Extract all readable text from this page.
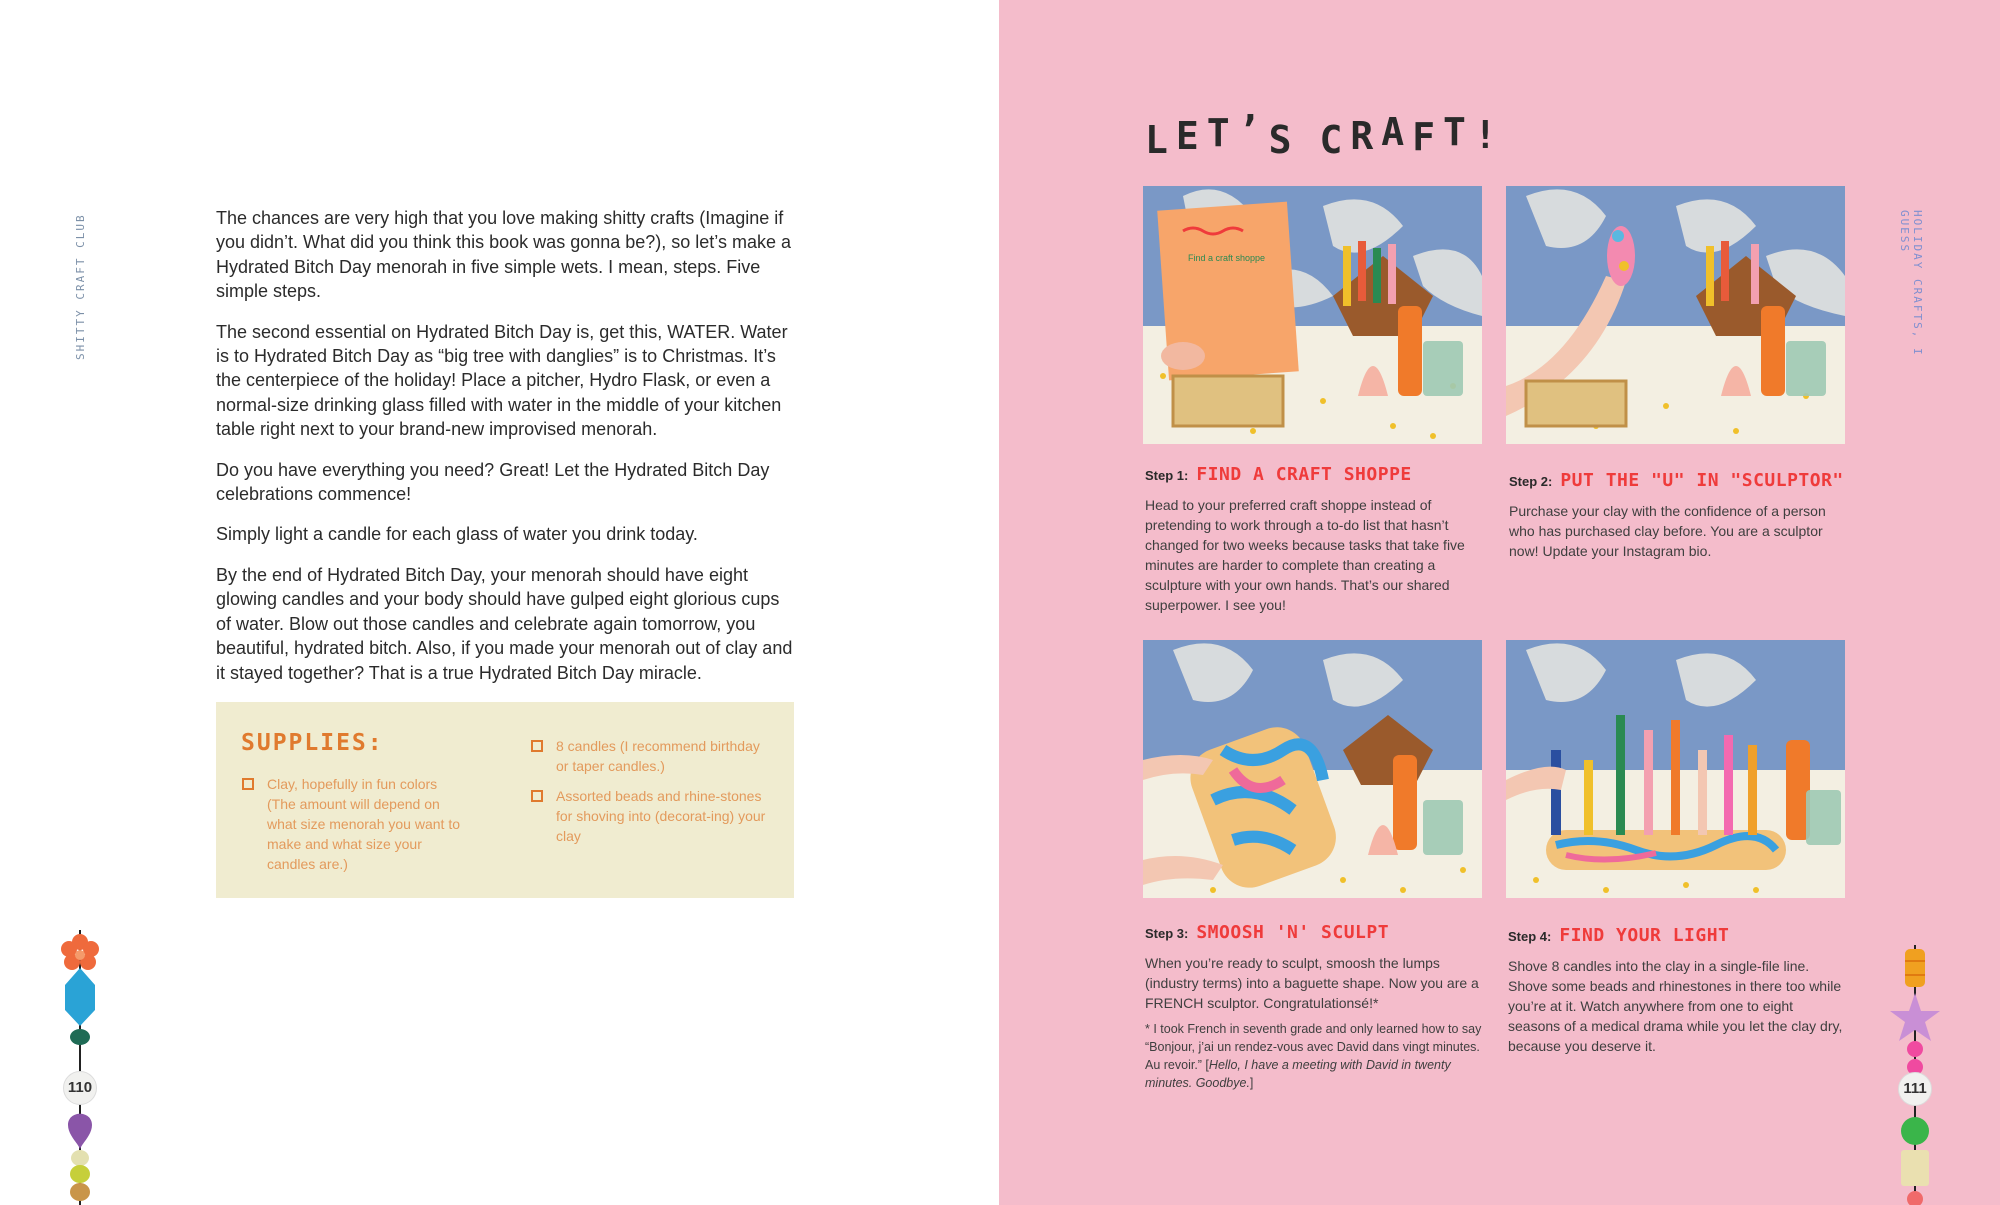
SHITTY CRAFT CLUB	The chances are very high that you love making shitty crafts (Imagine if you didn’t. What did you think this book was gonna be?), so let’s make a Hydrated Bitch Day menorah in five simple wets. I mean, steps. Five simple steps.

The second essential on Hydrated Bitch Day is, get this, WATER. Water is to Hydrated Bitch Day as “big tree with danglies” is to Christmas. It’s the centerpiece of the holiday! Place a pitcher, Hydro Flask, or even a normal-size drinking glass filled with water in the middle of your kitchen table right next to your brand-new improvised menorah.

Do you have everything you need? Great! Let the Hydrated Bitch Day celebrations commence!

Simply light a candle for each glass of water you drink today.

By the end of Hydrated Bitch Day, your menorah should have eight glowing candles and your body should have gulped eight glorious cups of water. Blow out those candles and celebrate again tomorrow, you beautiful, hydrated bitch. Also, if you made your menorah out of clay and it stayed together? That is a true Hydrated Bitch Day miracle.

SUPPLIES:
Clay, hopefully in fun colors (The amount will depend on what size menorah you want to make and what size your candles are.)
8 candles (I recommend birthday or taper candles.)
Assorted beads and rhine-stones for shoving into (decorat-ing) your clay
110
HOLIDAY CRAFTS, I GUESS
LET’S CRAFT!
Find a craft shoppe
Step 1: FIND A CRAFT SHOPPE
Head to your preferred craft shoppe instead of pretending to work through a to-do list that hasn’t changed for two weeks because tasks that take five minutes are harder to complete than creating a sculpture with your own hands. That’s our shared superpower. I see you!
Step 2: PUT THE "U" IN "SCULPTOR"
Purchase your clay with the confidence of a person who has purchased clay before. You are a sculptor now! Update your Instagram bio.
Step 3: SMOOSH 'N' SCULPT
When you’re ready to sculpt, smoosh the lumps (industry terms) into a baguette shape. Now you are a FRENCH sculptor. Congratulationsé!*
* I took French in seventh grade and only learned how to say “Bonjour, j’ai un rendez-vous avec David dans vingt minutes. Au revoir.” [Hello, I have a meeting with David in twenty minutes. Goodbye.]
Step 4: FIND YOUR LIGHT
Shove 8 candles into the clay in a single-file line. Shove some beads and rhinestones in there too while you’re at it. Watch anywhere from one to eight seasons of a medical drama while you let the clay dry, because you deserve it.
111
